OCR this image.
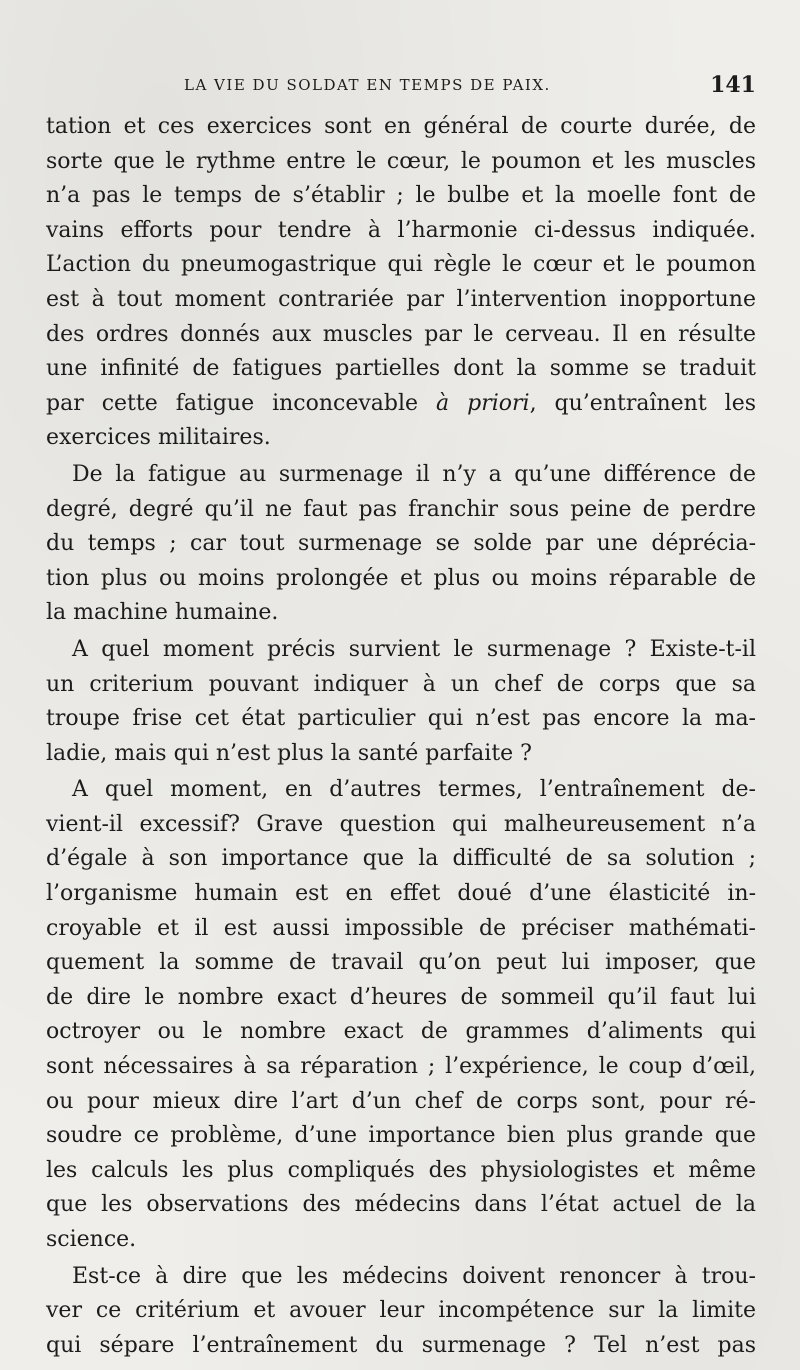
LA VIE DU SOLDAT EN TEMPS DE PAIX.	141
tation et ces exercices sont en général de courte durée, de
sorte que le rythme entre le cœur, le poumon et les muscles
n’a pas le temps de s’établir ; le bulbe et la moelle font de
vains efforts pour tendre à l’harmonie ci-dessus indiquée.
L’action du pneumogastrique qui règle le cœur et le poumon
est à tout moment contrariée par l’intervention inopportune
des ordres donnés aux muscles par le cerveau. Il en résulte
une infinité de fatigues partielles dont la somme se traduit
par cette fatigue inconcevable à priori, qu’entraînent les
exercices militaires.
De la fatigue au surmenage il n’y a qu’une différence de
degré, degré qu’il ne faut pas franchir sous peine de perdre
du temps ; car tout surmenage se solde par une déprécia-
tion plus ou moins prolongée et plus ou moins réparable de
la machine humaine.
A quel moment précis survient le surmenage ? Existe-t-il
un criterium pouvant indiquer à un chef de corps que sa
troupe frise cet état particulier qui n’est pas encore la ma-
ladie, mais qui n’est plus la santé parfaite ?
A quel moment, en d’autres termes, l’entraînement de-
vient-il excessif? Grave question qui malheureusement n’a
d’égale à son importance que la difficulté de sa solution ;
l’organisme humain est en effet doué d’une élasticité in-
croyable et il est aussi impossible de préciser mathémati-
quement la somme de travail qu’on peut lui imposer, que
de dire le nombre exact d’heures de sommeil qu’il faut lui
octroyer ou le nombre exact de grammes d’aliments qui
sont nécessaires à sa réparation ; l’expérience, le coup d’œil,
ou pour mieux dire l’art d’un chef de corps sont, pour ré-
soudre ce problème, d’une importance bien plus grande que
les calculs les plus compliqués des physiologistes et même
que les observations des médecins dans l’état actuel de la
science.
Est-ce à dire que les médecins doivent renoncer à trou-
ver ce critérium et avouer leur incompétence sur la limite
qui sépare l’entraînement du surmenage ? Tel n’est pas
